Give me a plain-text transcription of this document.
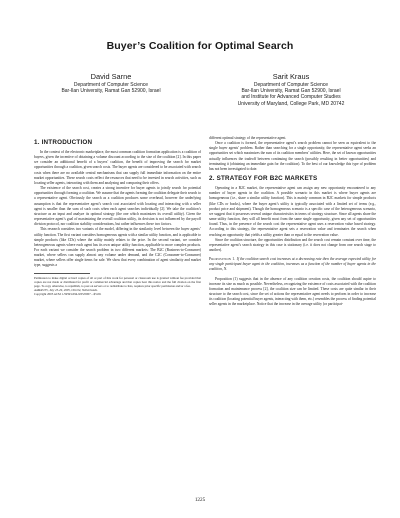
Buyer’s Coalition for Optimal Search
David Sarne
Department of Computer Science
Bar-Ilan University, Ramat Gan 52900, Israel
Sarit Kraus
Department of Computer Science
Bar-Ilan University, Ramat Gan 52900, Israel
and Institute for Advanced Computer Studies
University of Maryland, College Park, MD 20742
1. INTRODUCTION

In the context of the electronic marketplace, the most common coalition formation application is a coalition of buyers, given the incentive of obtaining a volume discount according to the size of the coalition [2]. In this paper we consider an additional benefit of a buyers’ coalition, the benefit of improving the search for market opportunities through a coalition, given search costs. The buyer agents are considered to be associated with search costs when there are no available central mechanisms that can supply full immediate information on the entire market opportunities. These search costs reflect the resources that need to be invested in search activities, such as locating seller agents, interacting with them and analyzing and comparing their offers.

The existence of the search cost, creates a strong incentive for buyer agents to jointly search for potential opportunities through forming a coalition. We assume that the agents forming the coalition delegate their search to a representative agent. Obviously the search as a coalition produces some overhead, however the underlying assumption is that the representative agent’s search cost associated with locating and interacting with a seller agent is smaller than the sum of such costs when each agent searches individually [2]. We take the coalition’s structure as an input and analyze its optimal strategy (the one which maximizes its overall utility). Given the representative agent’s goal of maximizing the overall coalition utility, its decision is not influenced by the payoff division protocol, nor coalition stability considerations, but rather influences these two factors.

This research considers two variants of the model, differing in the similarity level between the buyer agents’ utility function. The first variant considers homogeneous agents with a similar utility function, and is applicable to simple products (like CDs) where the utility mainly relates to the price. In the second variant, we consider heterogeneous agents where each agent has its own unique utility function, applicable to more complex products. For each variant we consider the search problem in two different markets: The B2C (Business-to-Consumer) market, where sellers can supply almost any volume under demand, and the C2C (Consumer-to-Consumer) market, where sellers offer single items for sale. We show that every combination of agent similarity and market type, suggests a

Permission to make digital or hard copies of all or part of this work for personal or classroom use is granted without fee provided that copies are not made or distributed for profit or commercial advantage and that copies bear this notice and the full citation on the first page. To copy otherwise, to republish, to post on servers or to redistribute to lists, requires prior specific permission and/or a fee.

AAMAS’05, July 25-29, 2005, Utrecht, Netherlands.

Copyright 2005 ACM 1-59593-094-9/05/0007 ...$5.00.

different optimal strategy of the representative agent.

Once a coalition is formed, the representative agent’s search problem cannot be seen as equivalent to the single buyer agents’ problem. Rather than searching for a single opportunity, the representative agent seeks an opportunities set which maximizes the sum of its coalition members’ utilities. Here, the set of known opportunities actually influences the tradeoff between continuing the search (possibly resulting in better opportunities) and terminating it (obtaining an immediate gain for the coalition). To the best of our knowledge this type of problem has not been investigated to date.

2. STRATEGY FOR B2C MARKETS

Operating in a B2C market, the representative agent can assign any new opportunity encountered to any number of buyer agents in the coalition. A possible scenario in this market is where buyer agents are homogeneous (i.e., share a similar utility function). This is mainly common in B2C markets for simple products (like CDs or books), where the buyer agent’s utility is typically associated with a limited set of terms (e.g., product price and shipment). Though the homogeneous scenario is a specific case of the heterogeneous scenario, we suggest that it possesses several unique characteristics in terms of strategy structure. Since all agents share the same utility function, they will all benefit most from the same single opportunity, given any set of opportunities found. Thus, in the presence of the search cost the representative agent uses a reservation value based strategy. According to this strategy, the representative agent sets a reservation value and terminates the search when reaching an opportunity that yields a utility greater than or equal to the reservation value.

Since the coalition structure, the opportunities distribution and the search cost remain constant over time, the representative agent’s search strategy in this case is stationary (i.e. it does not change from one search stage to another).

Proposition 1. If the coalition search cost increases at a decreasing rate then the average expected utility for any single participant buyer agent in the coalition, increases as a function of the number of buyer agents in the coalition, N.

Proposition (1) suggests that in the absence of any coalition creation costs, the coalition should aspire to increase its size as much as possible. Nevertheless, recognizing the existence of costs associated with the coalition formation and maintenance process [2], the coalition size can be limited. These costs are quite similar in their structure to the search cost, since the set of actions the representative agent needs to perform in order to increase its coalition (locating potential buyer agents, interacting with them, etc.) resembles the process of finding potential seller agents in the marketplace. Notice that the increase in the average utility (or participat-

1225
